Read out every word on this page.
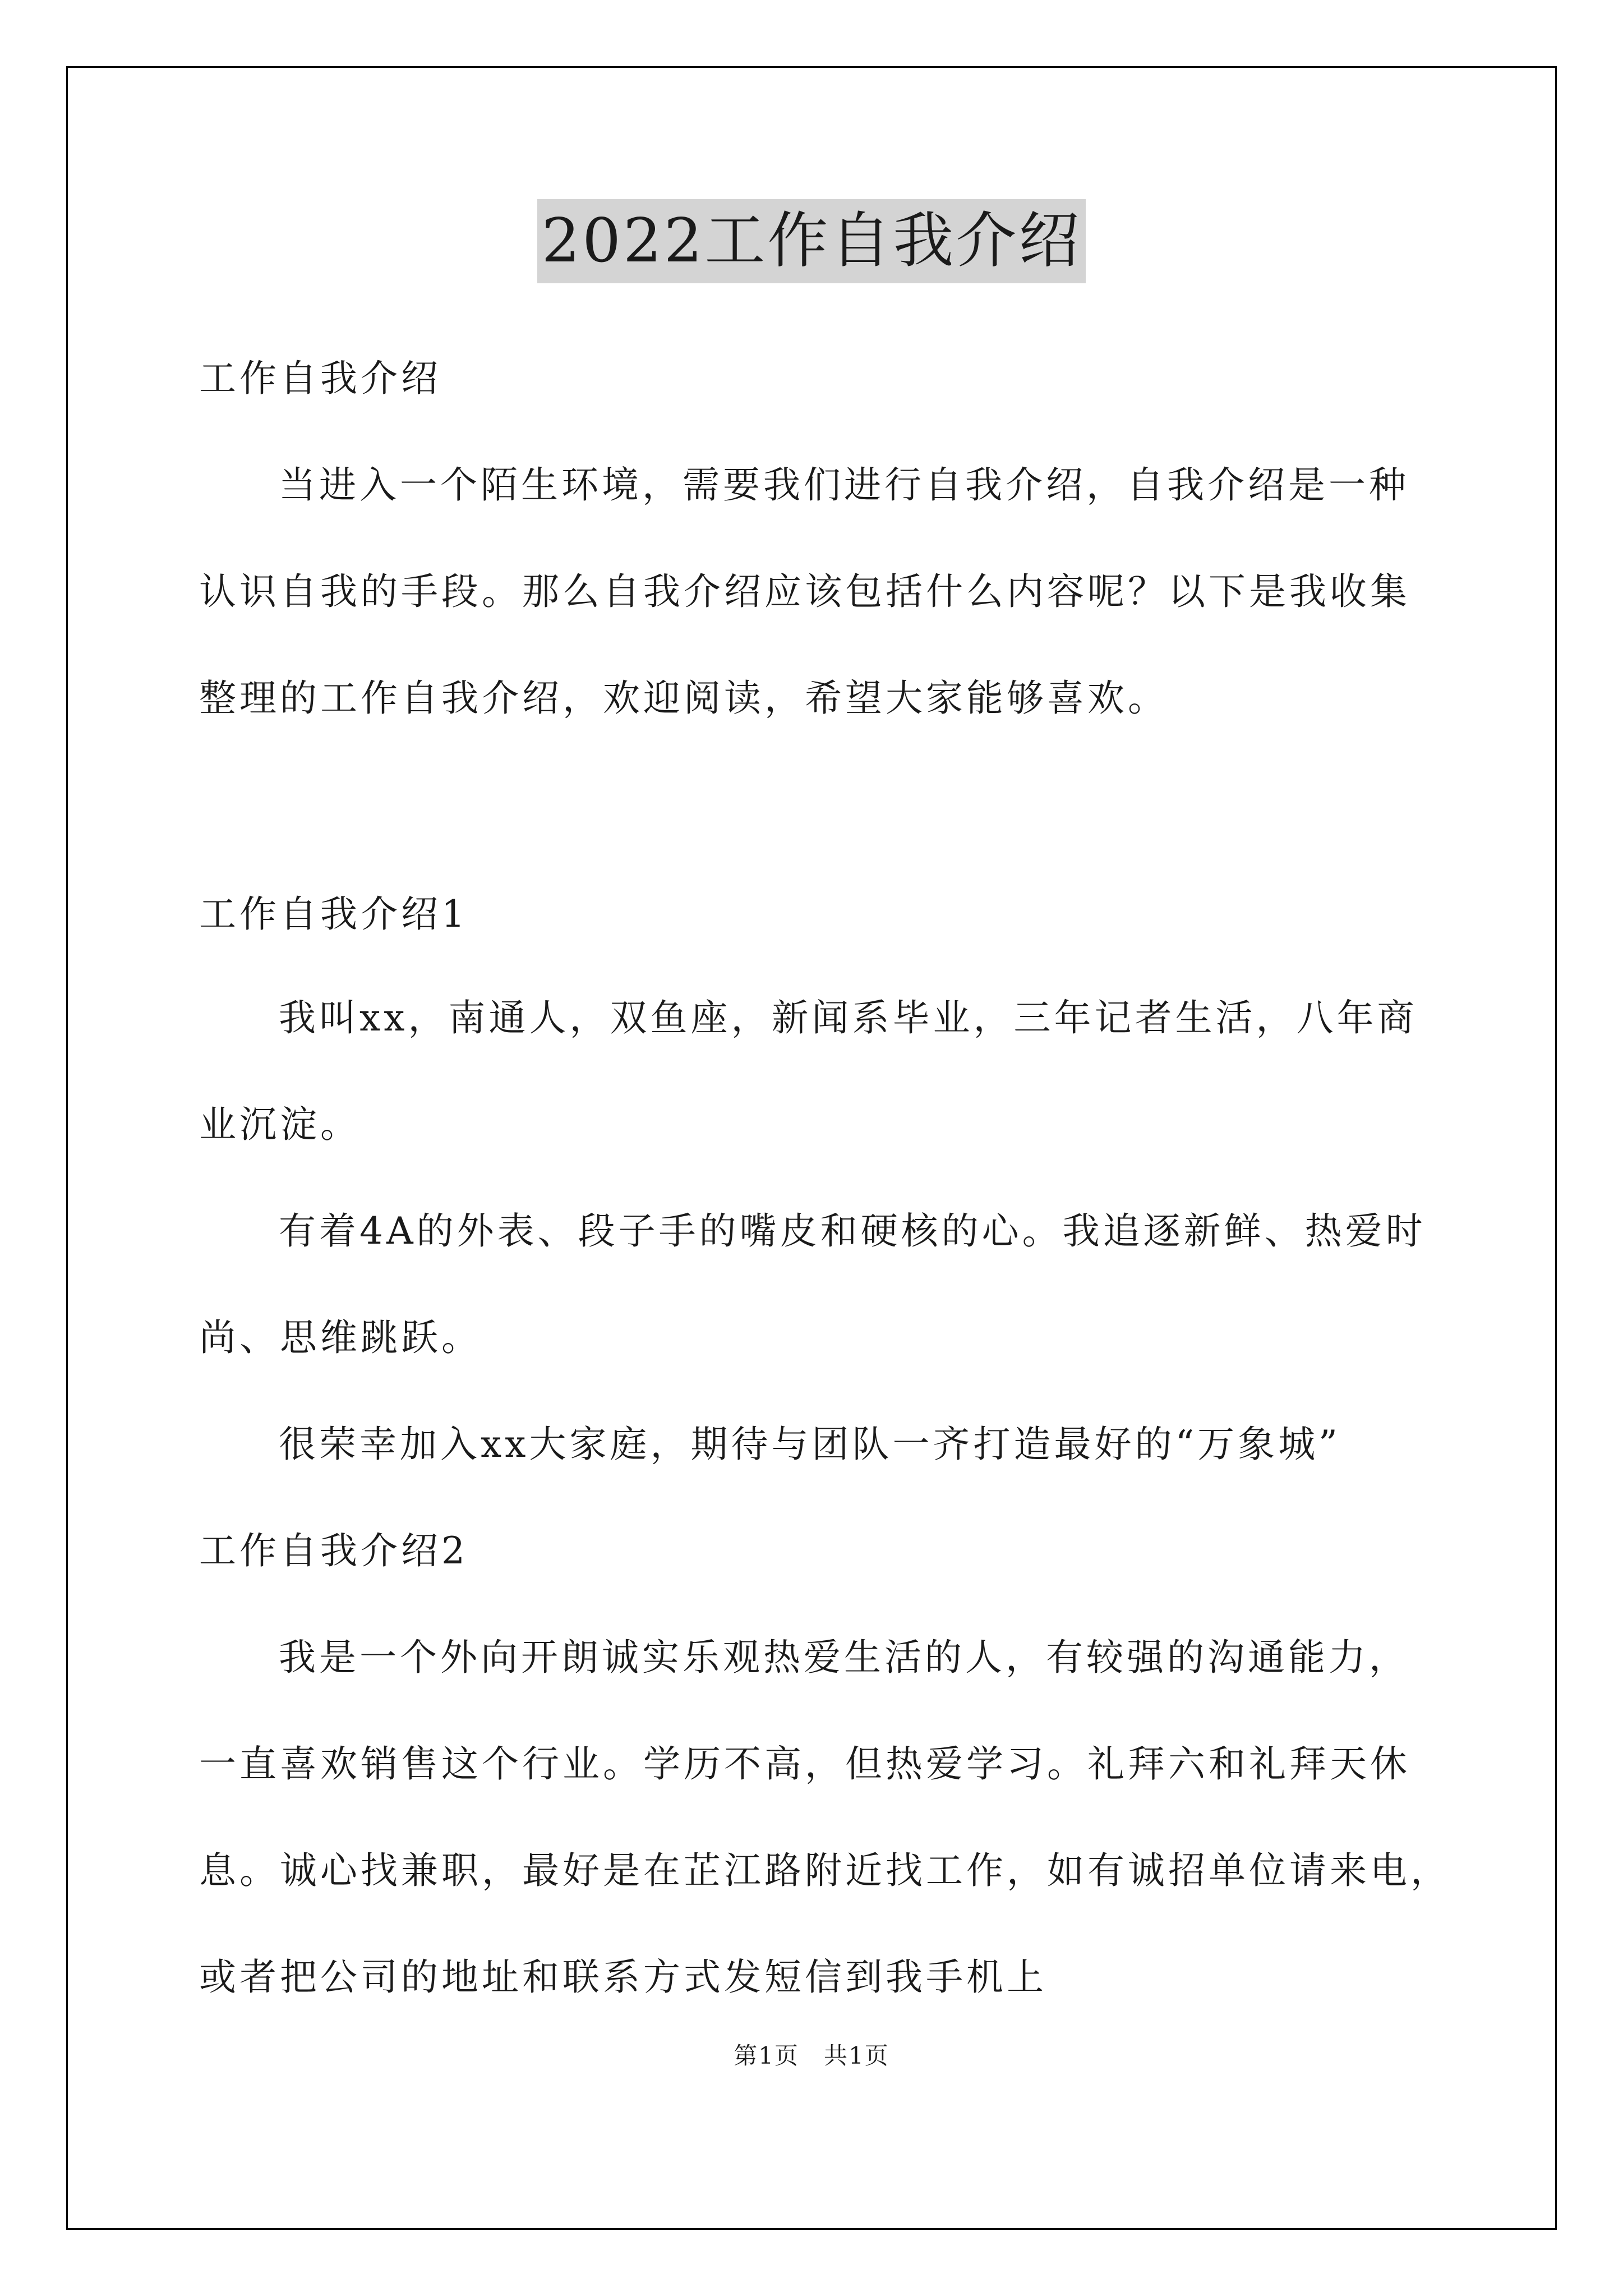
2022工作自我介绍
工作自我介绍
当进入一个陌生环境，需要我们进行自我介绍，自我介绍是一种
认识自我的手段。那么自我介绍应该包括什么内容呢？以下是我收集
整理的工作自我介绍，欢迎阅读，希望大家能够喜欢。
工作自我介绍1
我叫xx，南通人，双鱼座，新闻系毕业，三年记者生活，八年商
业沉淀。
有着4A的外表、段子手的嘴皮和硬核的心。我追逐新鲜、热爱时
尚、思维跳跃。
很荣幸加入xx大家庭，期待与团队一齐打造最好的“万象城”
工作自我介绍2
我是一个外向开朗诚实乐观热爱生活的人，有较强的沟通能力，
一直喜欢销售这个行业。学历不高，但热爱学习。礼拜六和礼拜天休
息。诚心找兼职，最好是在芷江路附近找工作，如有诚招单位请来电，
或者把公司的地址和联系方式发短信到我手机上
第1页　共1页
